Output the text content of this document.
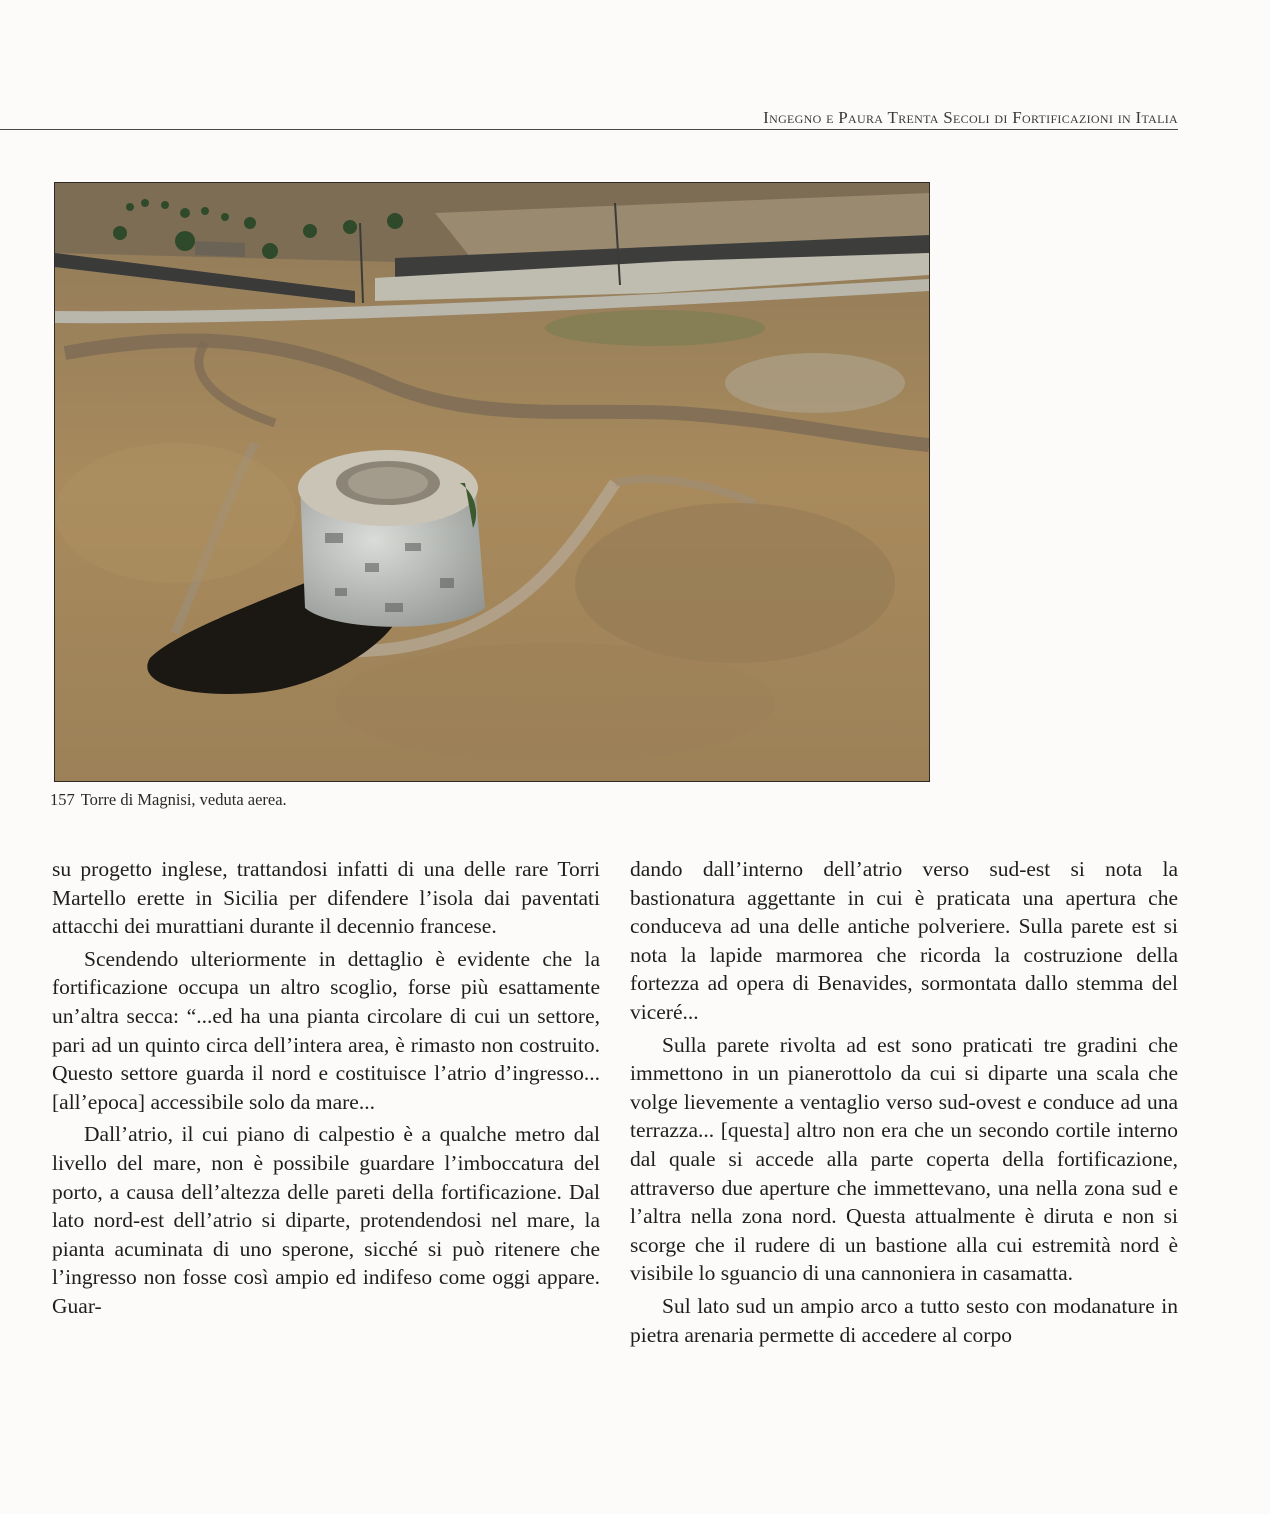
Ingegno e Paura Trenta Secoli di Fortificazioni in Italia
157 Torre di Magnisi, veduta aerea.

su progetto inglese, trattandosi infatti di una delle rare Torri Martello erette in Sicilia per difendere l’isola dai paventati attacchi dei murattiani durante il decennio francese.

Scendendo ulteriormente in dettaglio è evidente che la fortificazione occupa un altro scoglio, forse più esattamente un’altra secca: “...ed ha una pianta circolare di cui un settore, pari ad un quinto circa dell’intera area, è rimasto non costruito. Questo settore guarda il nord e costituisce l’atrio d’ingresso... [all’epoca] accessibile solo da mare...

Dall’atrio, il cui piano di calpestio è a qualche metro dal livello del mare, non è possibile guardare l’imboccatura del porto, a causa dell’altezza delle pareti della fortificazione. Dal lato nord-est dell’atrio si diparte, protendendosi nel mare, la pianta acuminata di uno sperone, sicché si può ritenere che l’ingresso non fosse così ampio ed indifeso come oggi appare. Guar-

dando dall’interno dell’atrio verso sud-est si nota la bastionatura aggettante in cui è praticata una apertura che conduceva ad una delle antiche polveriere. Sulla parete est si nota la lapide marmorea che ricorda la costruzione della fortezza ad opera di Benavides, sormontata dallo stemma del viceré...

Sulla parete rivolta ad est sono praticati tre gradini che immettono in un pianerottolo da cui si diparte una scala che volge lievemente a ventaglio verso sud-ovest e conduce ad una terrazza... [questa] altro non era che un secondo cortile interno dal quale si accede alla parte coperta della fortificazione, attraverso due aperture che immettevano, una nella zona sud e l’altra nella zona nord. Questa attualmente è diruta e non si scorge che il rudere di un bastione alla cui estremità nord è visibile lo sguancio di una cannoniera in casamatta.

Sul lato sud un ampio arco a tutto sesto con modanature in pietra arenaria permette di accedere al corpo
